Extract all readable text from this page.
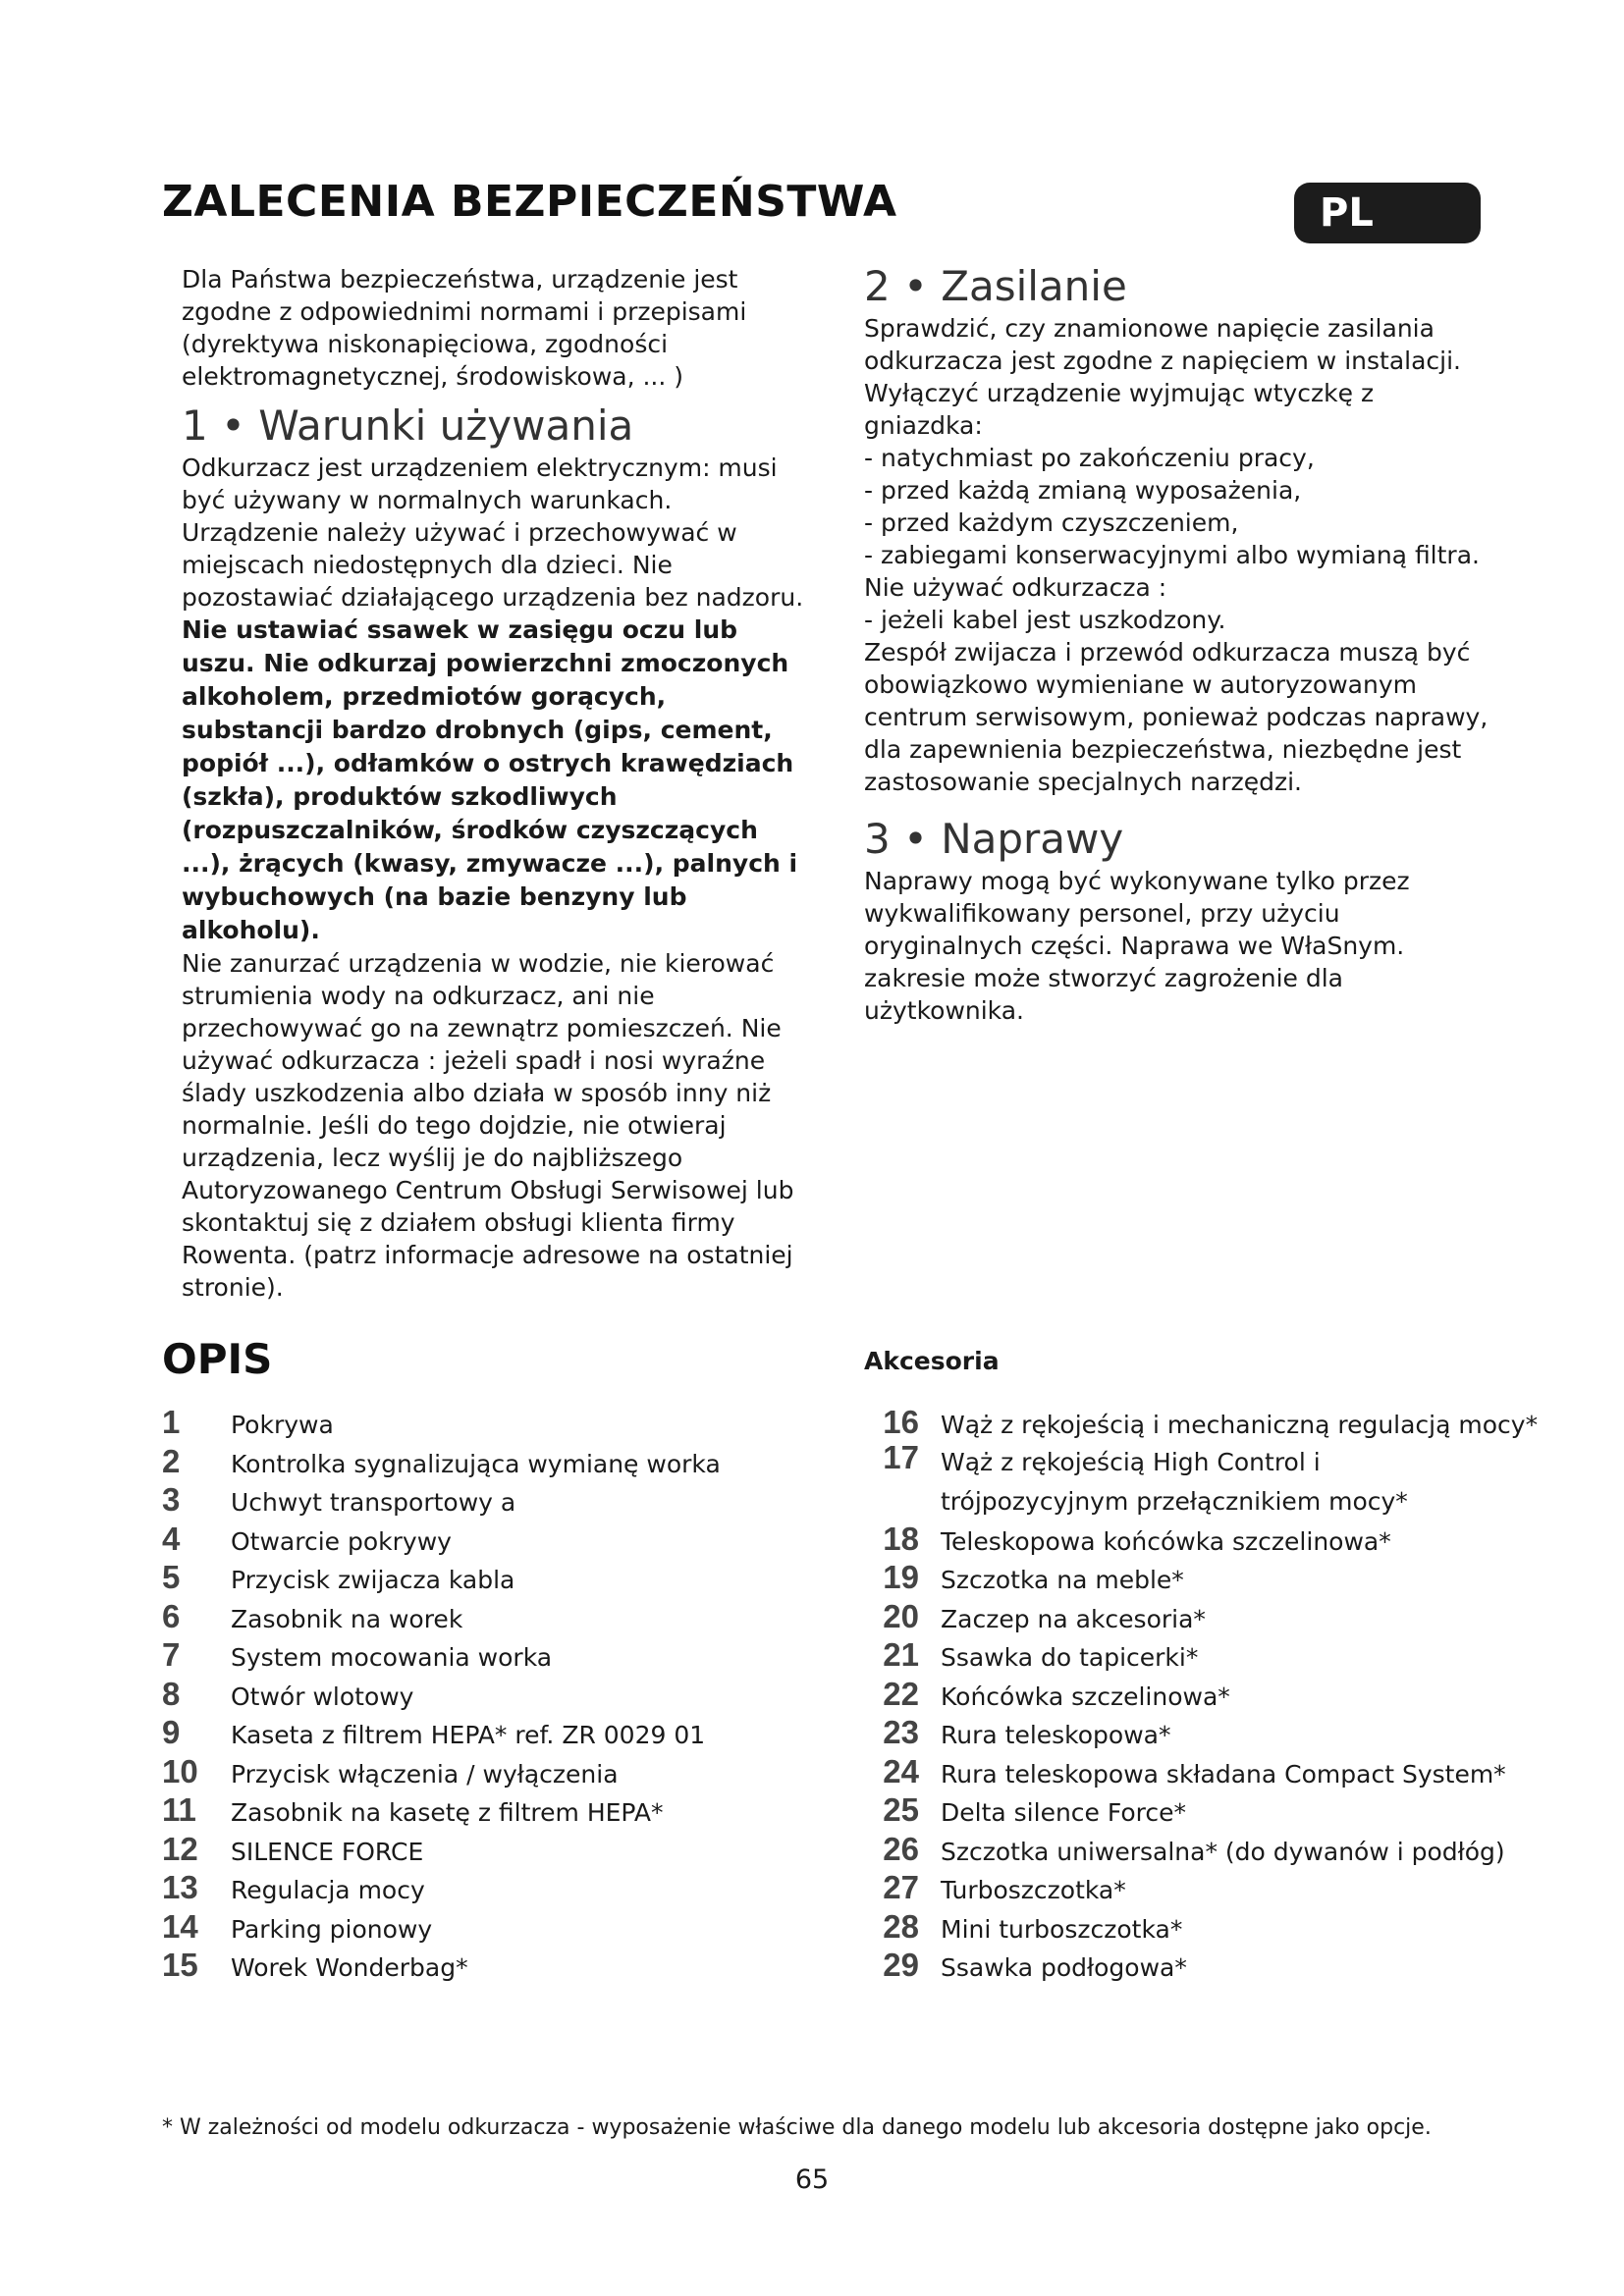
ZALECENIA BEZPIECZEŃSTWA	PL

Dla Państwa bezpieczeństwa, urządzenie jest zgodne z odpowiednimi normami i przepisami (dyrektywa niskonapięciowa, zgodności elektromagnetycznej, środowiskowa, ... )

1 • Warunki używania

Odkurzacz jest urządzeniem elektrycznym: musi być używany w normalnych warunkach. Urządzenie należy używać i przechowywać w miejscach niedostępnych dla dzieci. Nie pozostawiać działającego urządzenia bez nadzoru.

Nie ustawiać ssawek w zasięgu oczu lub uszu. Nie odkurzaj powierzchni zmoczonych alkoholem, przedmiotów gorących, substancji bardzo drobnych (gips, cement, popiół ...), odłamków o ostrych krawędziach (szkła), produktów szkodliwych (rozpuszczalników, środków czyszczących ...), żrących (kwasy, zmywacze ...), palnych i wybuchowych (na bazie benzyny lub alkoholu).

Nie zanurzać urządzenia w wodzie, nie kierować strumienia wody na odkurzacz, ani nie przechowywać go na zewnątrz pomieszczeń. Nie używać odkurzacza : jeżeli spadł i nosi wyraźne ślady uszkodzenia albo działa w sposób inny niż normalnie. Jeśli do tego dojdzie, nie otwieraj urządzenia, lecz wyślij je do najbliższego Autoryzowanego Centrum Obsługi Serwisowej lub skontaktuj się z działem obsługi klienta firmy Rowenta. (patrz informacje adresowe na ostatniej stronie).

2 • Zasilanie

Sprawdzić, czy znamionowe napięcie zasilania odkurzacza jest zgodne z napięciem w instalacji.

Wyłączyć urządzenie wyjmując wtyczkę z gniazdka:

- natychmiast po zakończeniu pracy,

- przed każdą zmianą wyposażenia,

- przed każdym czyszczeniem,

- zabiegami konserwacyjnymi albo wymianą filtra.

Nie używać odkurzacza :

- jeżeli kabel jest uszkodzony.

Zespół zwijacza i przewód odkurzacza muszą być obowiązkowo wymieniane w autoryzowanym centrum serwisowym, ponieważ podczas naprawy, dla zapewnienia bezpieczeństwa, niezbędne jest zastosowanie specjalnych narzędzi.

3 • Naprawy

Naprawy mogą być wykonywane tylko przez wykwalifikowany personel, przy użyciu oryginalnych części. Naprawa we WłaSnym. zakresie może stworzyć zagrożenie dla użytkownika.

OPIS	Akcesoria
1	Pokrywa
2	Kontrolka sygnalizująca wymianę worka
3	Uchwyt transportowy a
4	Otwarcie pokrywy
5	Przycisk zwijacza kabla
6	Zasobnik na worek
7	System mocowania worka
8	Otwór wlotowy
9	Kaseta z filtrem HEPA* ref. ZR 0029 01
10	Przycisk włączenia / wyłączenia
11	Zasobnik na kasetę z filtrem HEPA*
12	SILENCE FORCE
13	Regulacja mocy
14	Parking pionowy
15	Worek Wonderbag*
16 Wąż z rękojeścią i mechaniczną regulacją mocy*
17 Wąż z rękojeścią High Control i trójpozycyjnym przełącznikiem mocy*
18 Teleskopowa końcówka szczelinowa*
19 Szczotka na meble*
20 Zaczep na akcesoria*
21 Ssawka do tapicerki*
22 Końcówka szczelinowa*
23 Rura teleskopowa*
24 Rura teleskopowa składana Compact System*
25 Delta silence Force*
26 Szczotka uniwersalna* (do dywanów i podłóg)
27 Turboszczotka*
28 Mini turboszczotka*
29 Ssawka podłogowa*
* W zależności od modelu odkurzacza - wyposażenie właściwe dla danego modelu lub akcesoria dostępne jako opcje.
65
